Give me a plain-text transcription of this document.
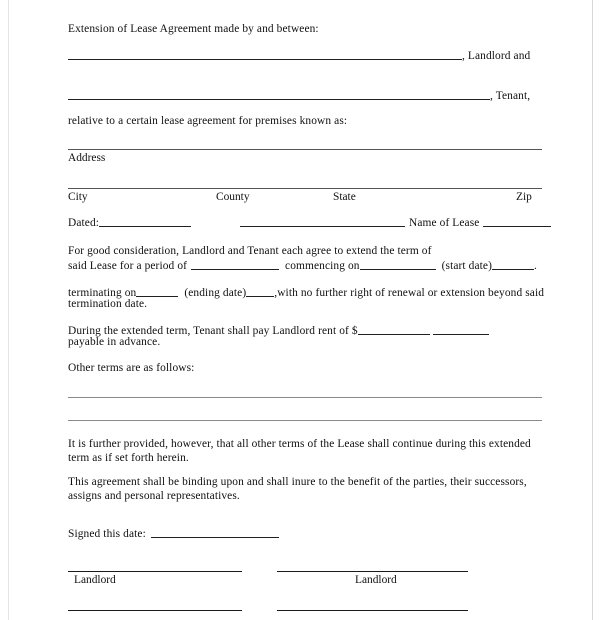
Extension of Lease Agreement made by and between:
, Landlord and
, Tenant,
relative to a certain lease agreement for premises known as:
Address
City	County	State	Zip
Dated:	Name of Lease
For good consideration, Landlord and Tenant each agree to extend the term of
said Lease for a period of	commencing on	(start date)	.
terminating on	(ending date) ,with no further right of renewal or extension beyond said
termination date.
During the extended term, Tenant shall pay Landlord rent of $
payable in advance.
Other terms are as follows:
It is further provided, however, that all other terms of the Lease shall continue during this extended term as if set forth herein.
This agreement shall be binding upon and shall inure to the benefit of the parties, their successors, assigns and personal representatives.
Signed this date:
Landlord	Landlord
